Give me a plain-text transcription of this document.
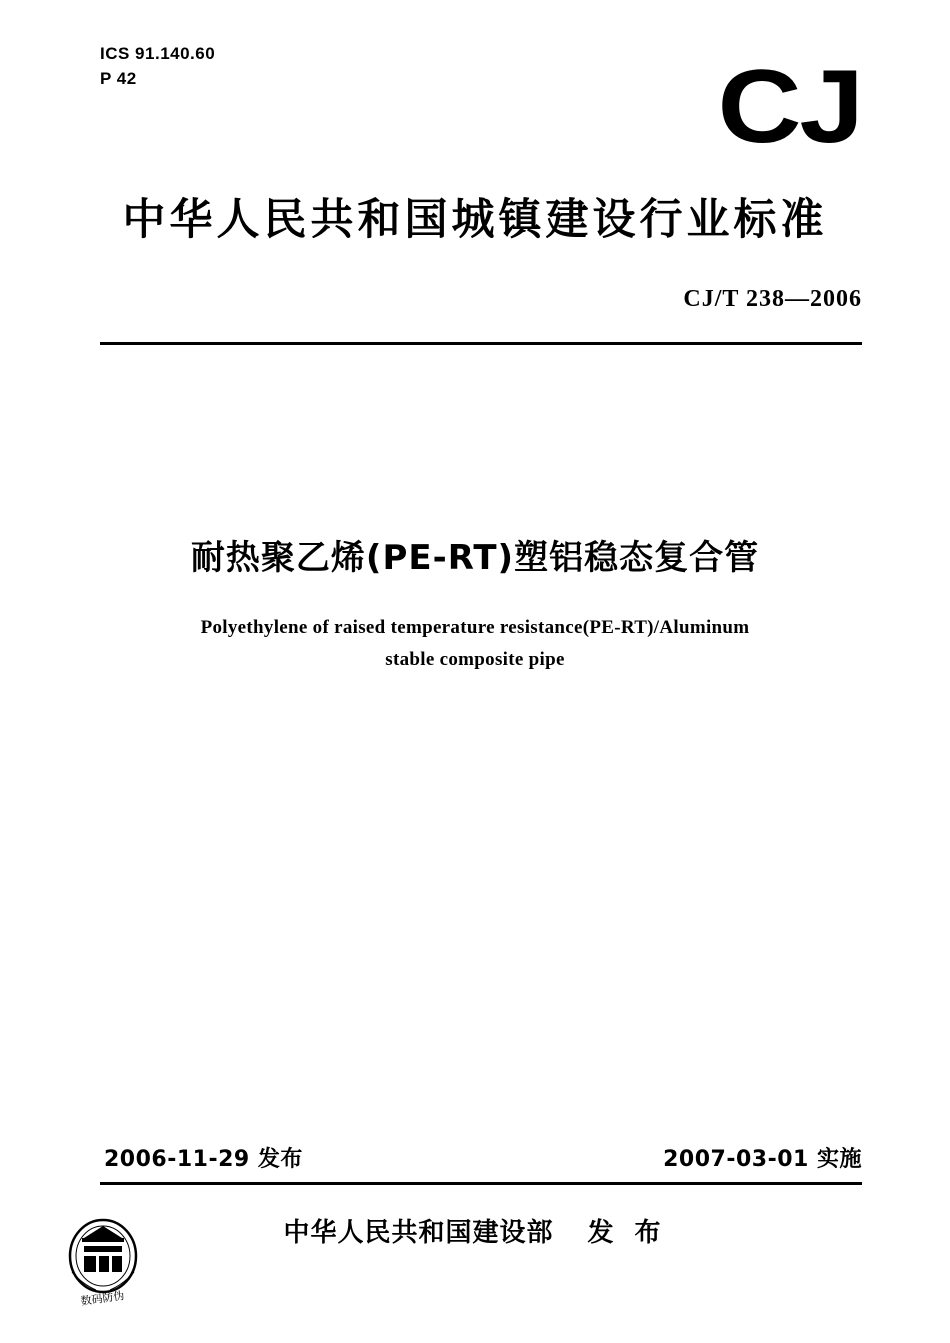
ICS 91.140.60
P 42	CJ
中华人民共和国城镇建设行业标准
CJ/T 238—2006
耐热聚乙烯(PE-RT)塑铝稳态复合管
Polyethylene of raised temperature resistance(PE-RT)/Aluminum
stable composite pipe
2006-11-29 发布	2007-03-01 实施
中华人民共和国建设部 发 布
数码防伪
